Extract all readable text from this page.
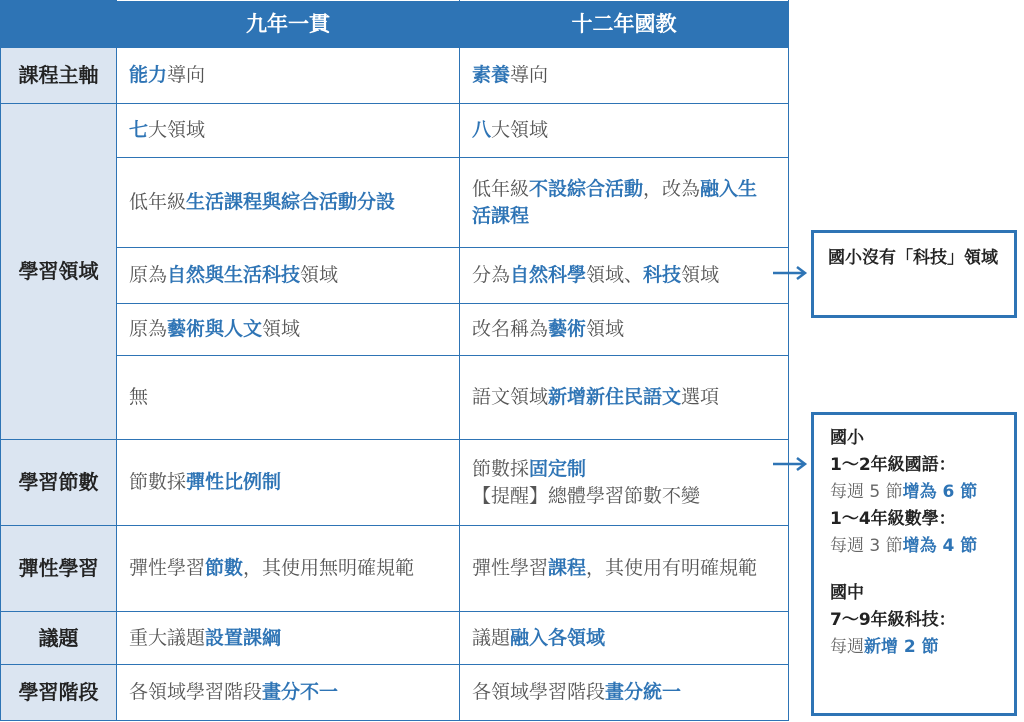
	九年一貫	十二年國教
課程主軸	能力導向	素養導向
學習領域	七大領域	八大領域
	低年級生活課程與綜合活動分設	低年級不設綜合活動，改為融入生活課程
	原為自然與生活科技領域	分為自然科學領域、科技領域
	原為藝術與人文領域	改名稱為藝術領域
	無	語文領域新增新住民語文選項
學習節數	節數採彈性比例制	節數採固定制
【提醒】總體學習節數不變
彈性學習	彈性學習節數，其使用無明確規範	彈性學習課程，其使用有明確規範
議題	重大議題設置課綱	議題融入各領域
學習階段	各領域學習階段畫分不一	各領域學習階段畫分統一
國小沒有「科技」領域
國小
1～2年級國語：
每週 5 節增為 6 節
1～4年級數學：
每週 3 節增為 4 節
國中
7～9年級科技：
每週新增 2 節
